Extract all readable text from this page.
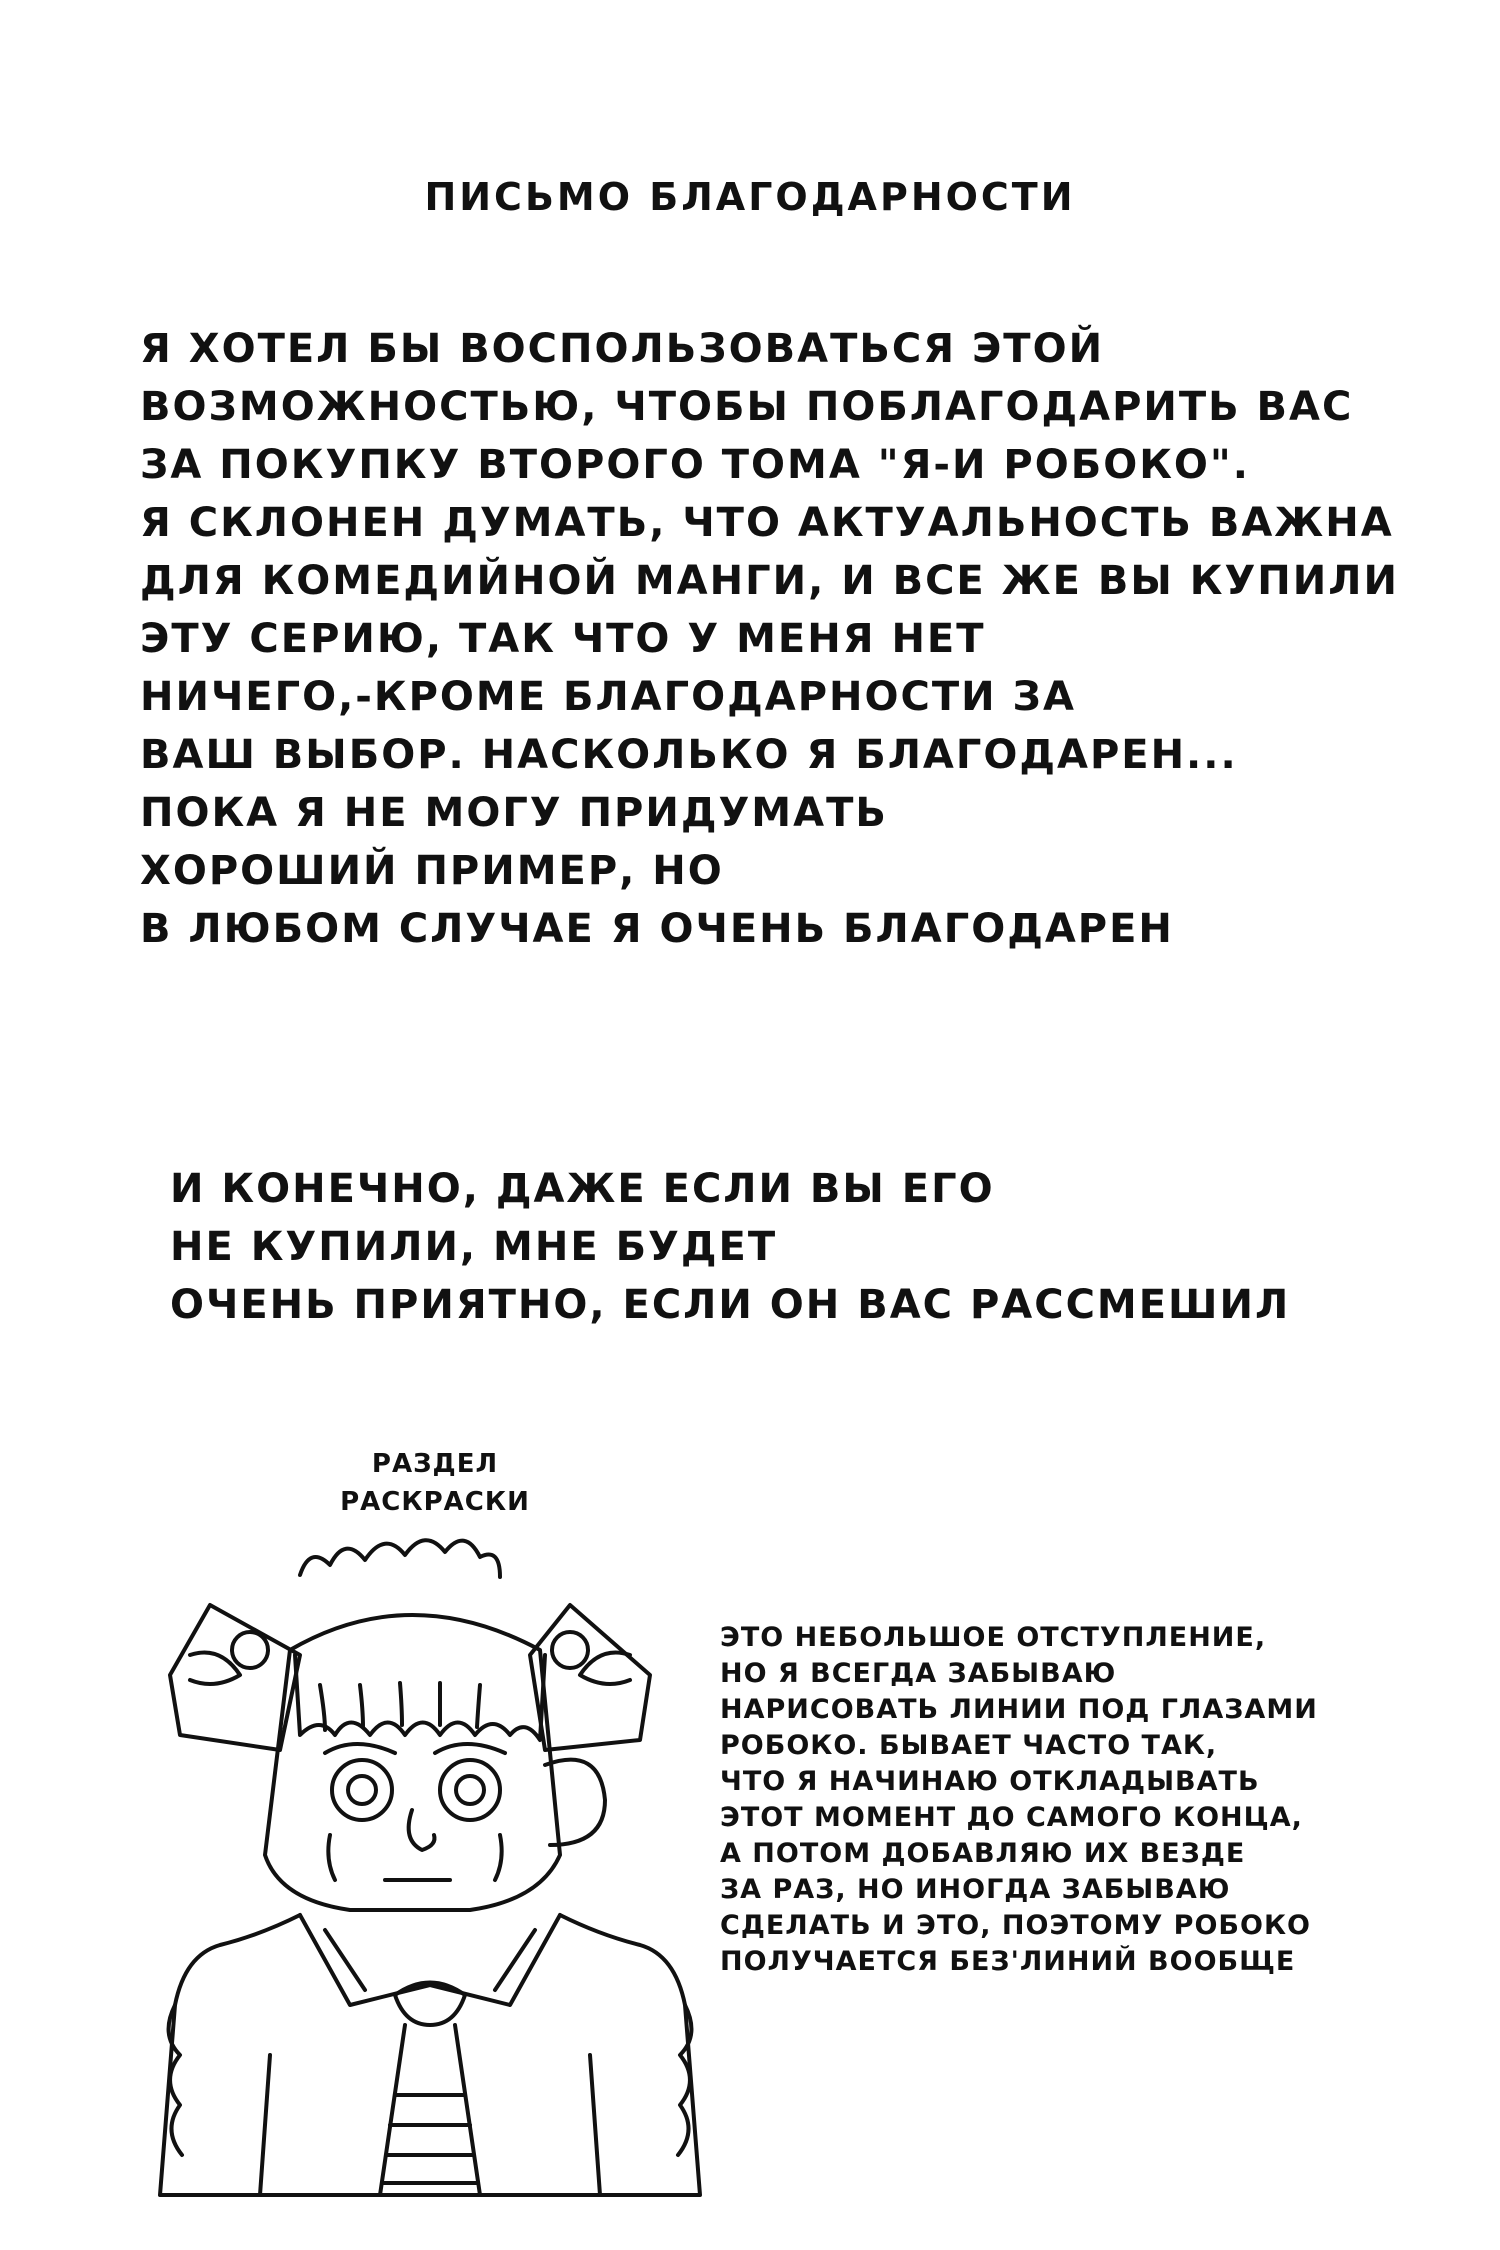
ПИСЬМО БЛАГОДАРНОСТИ
Я ХОТЕЛ БЫ ВОСПОЛЬЗОВАТЬСЯ ЭТОЙ
ВОЗМОЖНОСТЬЮ, ЧТОБЫ ПОБЛАГОДАРИТЬ ВАС
ЗА ПОКУПКУ ВТОРОГО ТОМА "Я-И РОБОКО".
Я СКЛОНЕН ДУМАТЬ, ЧТО АКТУАЛЬНОСТЬ ВАЖНА
ДЛЯ КОМЕДИЙНОЙ МАНГИ, И ВСЕ ЖЕ ВЫ КУПИЛИ
ЭТУ СЕРИЮ, ТАК ЧТО У МЕНЯ НЕТ
НИЧЕГО,-КРОМЕ БЛАГОДАРНОСТИ ЗА
ВАШ ВЫБОР. НАСКОЛЬКО Я БЛАГОДАРЕН...
ПОКА Я НЕ МОГУ ПРИДУМАТЬ
ХОРОШИЙ ПРИМЕР, НО
В ЛЮБОМ СЛУЧАЕ Я ОЧЕНЬ БЛАГОДАРЕН
И КОНЕЧНО, ДАЖЕ ЕСЛИ ВЫ ЕГО
НЕ КУПИЛИ, МНЕ БУДЕТ
ОЧЕНЬ ПРИЯТНО, ЕСЛИ ОН ВАС РАССМЕШИЛ
РАЗДЕЛ
РАСКРАСКИ
ЭТО НЕБОЛЬШОЕ ОТСТУПЛЕНИЕ,
НО Я ВСЕГДА ЗАБЫВАЮ
НАРИСОВАТЬ ЛИНИИ ПОД ГЛАЗАМИ
РОБОКО. БЫВАЕТ ЧАСТО ТАК,
ЧТО Я НАЧИНАЮ ОТКЛАДЫВАТЬ
ЭТОТ МОМЕНТ ДО САМОГО КОНЦА,
А ПОТОМ ДОБАВЛЯЮ ИХ ВЕЗДЕ
ЗА РАЗ, НО ИНОГДА ЗАБЫВАЮ
СДЕЛАТЬ И ЭТО, ПОЭТОМУ РОБОКО
ПОЛУЧАЕТСЯ БЕЗ'ЛИНИЙ ВООБЩЕ
